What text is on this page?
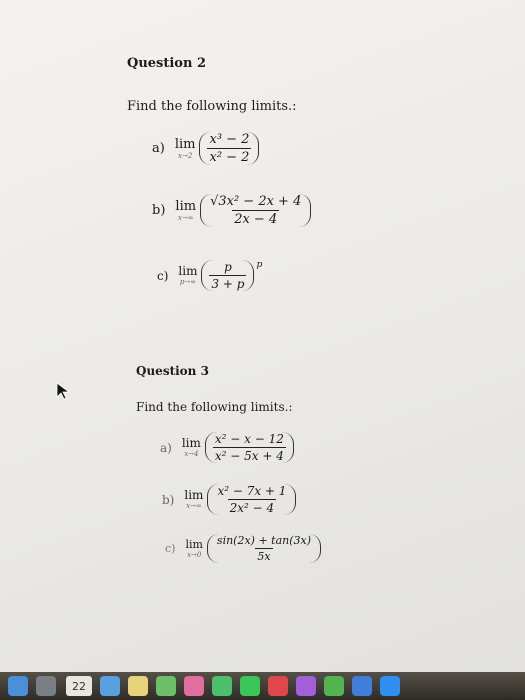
Question 2
Find the following limits.:
a) lim
$x\to 2 \frac{\text{x³ − 2}}{\text{x² − 2}}$
b) lim
$x\to\infty \frac{\text{√3x² − 2x + 4}}{2x - 4}$
c) lim
$p\to\infty \frac{p}{3 + p}$ p
Question 3
Find the following limits.:
a) lim
$x\to 4 \frac{\text{x² − x − 12}}{\text{x² − 5x + 4}}$
b) lim
$x\to\infty \frac{\text{x² − 7x + 1}}{\text{2x² − 4}}$
c) lim
$x\to 0 \frac{\sin(2x) + \tan(3x)}{5x}$
22
